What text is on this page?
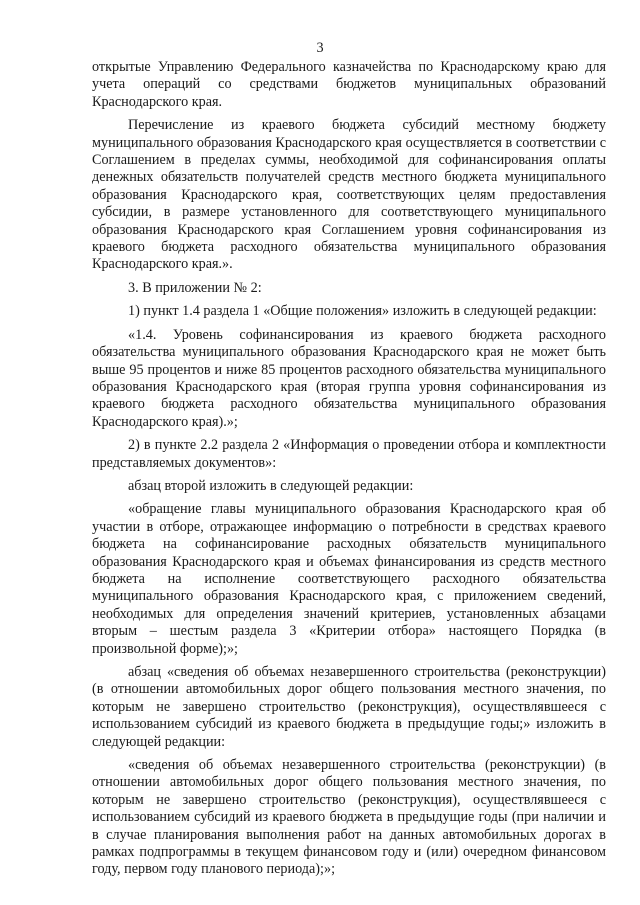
3

открытые Управлению Федерального казначейства по Краснодарскому краю для учета операций со средствами бюджетов муниципальных образований Краснодарского края.

Перечисление из краевого бюджета субсидий местному бюджету муниципального образования Краснодарского края осуществляется в соответствии с Соглашением в пределах суммы, необходимой для софинансирования оплаты денежных обязательств получателей средств местного бюджета муниципального образования Краснодарского края, соответствующих целям предоставления субсидии, в размере установленного для соответствующего муниципального образования Краснодарского края Соглашением уровня софинансирования из краевого бюджета расходного обязательства муниципального образования Краснодарского края.».

3. В приложении № 2:

1) пункт 1.4 раздела 1 «Общие положения» изложить в следующей редакции:

«1.4. Уровень софинансирования из краевого бюджета расходного обязательства муниципального образования Краснодарского края не может быть выше 95 процентов и ниже 85 процентов расходного обязательства муниципального образования Краснодарского края (вторая группа уровня софинансирования из краевого бюджета расходного обязательства муниципального образования Краснодарского края).»;

2) в пункте 2.2 раздела 2 «Информация о проведении отбора и комплектности представляемых документов»:

абзац второй изложить в следующей редакции:

«обращение главы муниципального образования Краснодарского края об участии в отборе, отражающее информацию о потребности в средствах краевого бюджета на софинансирование расходных обязательств муниципального образования Краснодарского края и объемах финансирования из средств местного бюджета на исполнение соответствующего расходного обязательства муниципального образования Краснодарского края, с приложением сведений, необходимых для определения значений критериев, установленных абзацами вторым – шестым раздела 3 «Критерии отбора» настоящего Порядка (в произвольной форме);»;

абзац «сведения об объемах незавершенного строительства (реконструкции) (в отношении автомобильных дорог общего пользования местного значения, по которым не завершено строительство (реконструкция), осуществлявшееся с использованием субсидий из краевого бюджета в предыдущие годы;» изложить в следующей редакции:

«сведения об объемах незавершенного строительства (реконструкции) (в отношении автомобильных дорог общего пользования местного значения, по которым не завершено строительство (реконструкция), осуществлявшееся с использованием субсидий из краевого бюджета в предыдущие годы (при наличии и в случае планирования выполнения работ на данных автомобильных дорогах в рамках подпрограммы в текущем финансовом году и (или) очередном финансовом году, первом году планового периода);»;
